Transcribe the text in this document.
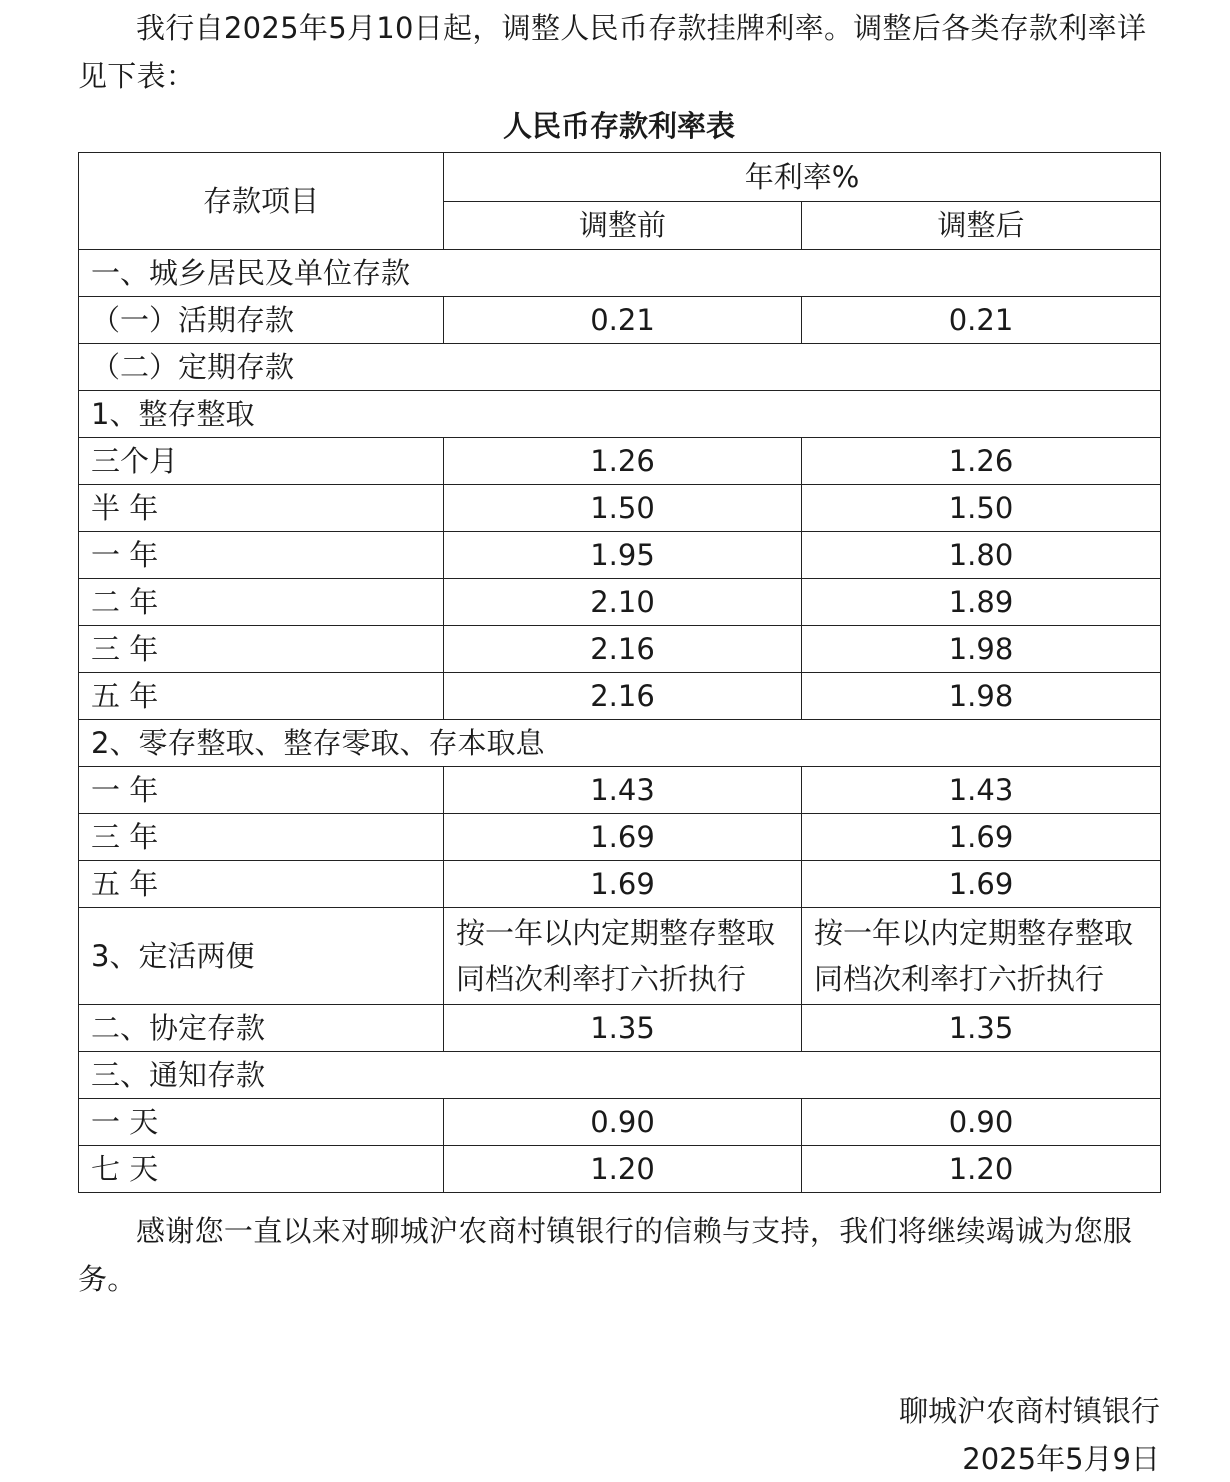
我行自2025年5月10日起，调整人民币存款挂牌利率。调整后各类存款利率详见下表：

人民币存款利率表
存款项目	年利率%	
	调整前	调整后
一、城乡居民及单位存款		
（一）活期存款	0.21	0.21
（二）定期存款		
1、整存整取		
三个月	1.26	1.26
半 年	1.50	1.50
一 年	1.95	1.80
二 年	2.10	1.89
三 年	2.16	1.98
五 年	2.16	1.98
2、零存整取、整存零取、存本取息		
一 年	1.43	1.43
三 年	1.69	1.69
五 年	1.69	1.69
3、定活两便	按一年以内定期整存整取同档次利率打六折执行	按一年以内定期整存整取同档次利率打六折执行
二、协定存款	1.35	1.35
三、通知存款		
一 天	0.90	0.90
七 天	1.20	1.20

感谢您一直以来对聊城沪农商村镇银行的信赖与支持，我们将继续竭诚为您服务。

聊城沪农商村镇银行
2025年5月9日
